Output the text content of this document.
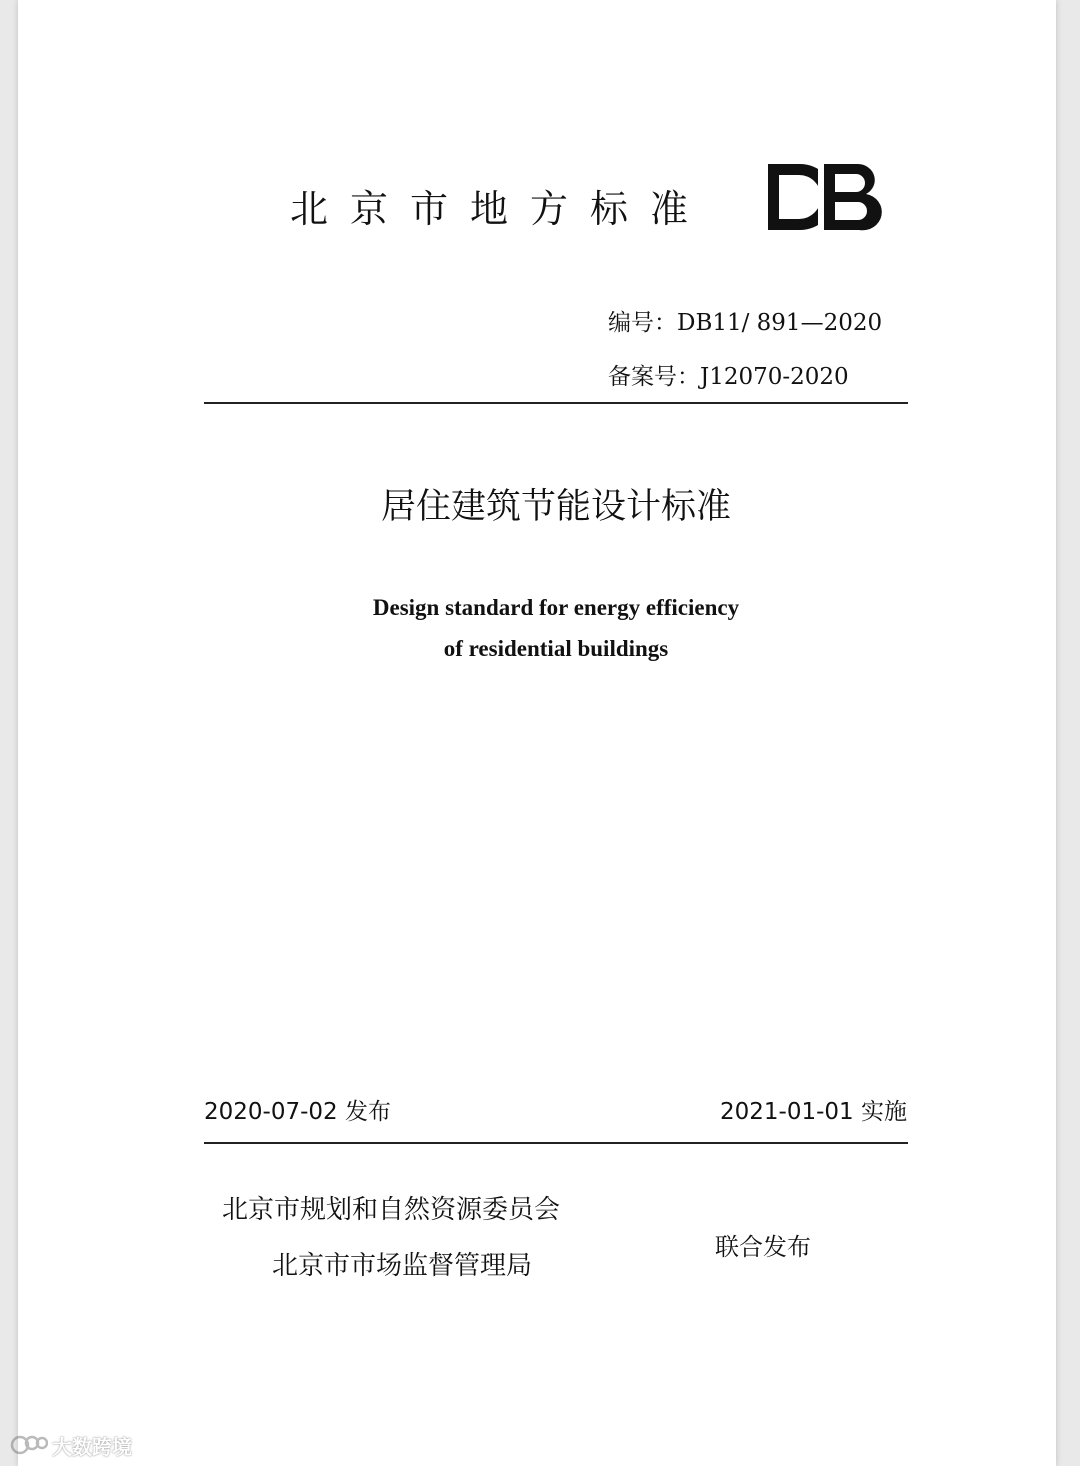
北京市地方标准
编号：DB11/ 891—2020
备案号：J12070-2020
居住建筑节能设计标准
Design standard for energy efficiency
of residential buildings
2020-07-02 发布	2021-01-01 实施
北京市规划和自然资源委员会
北京市市场监督管理局
联合发布
大数跨境
